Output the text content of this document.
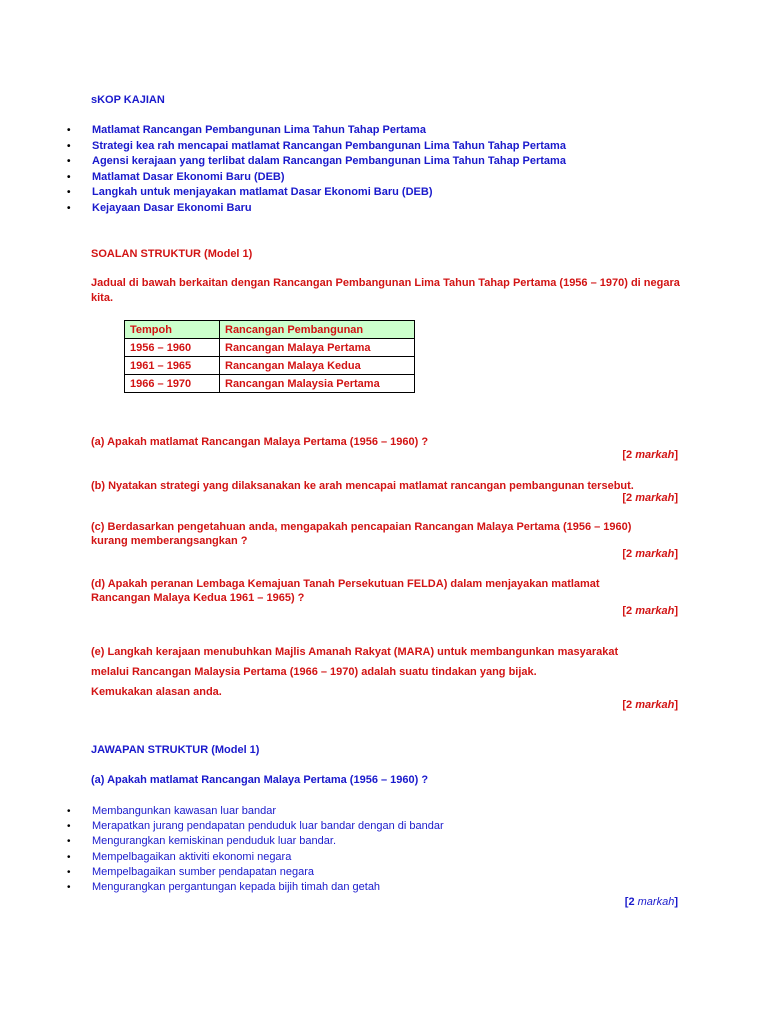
sKOP KAJIAN
• Matlamat Rancangan Pembangunan Lima Tahun Tahap Pertama
• Strategi kea rah mencapai matlamat Rancangan Pembangunan Lima Tahun Tahap Pertama
• Agensi kerajaan yang terlibat dalam Rancangan Pembangunan Lima Tahun Tahap Pertama
• Matlamat Dasar Ekonomi Baru (DEB)
• Langkah untuk menjayakan matlamat Dasar Ekonomi Baru (DEB)
• Kejayaan Dasar Ekonomi Baru
SOALAN STRUKTUR (Model 1)
Jadual di bawah berkaitan dengan Rancangan Pembangunan Lima Tahun Tahap Pertama (1956 – 1970) di negara kita.
Tempoh	Rancangan Pembangunan
1956 – 1960	Rancangan Malaya Pertama
1961 – 1965	Rancangan Malaya Kedua
1966 – 1970	Rancangan Malaysia Pertama
(a) Apakah matlamat Rancangan Malaya Pertama (1956 – 1960) ?
[2 markah]
(b) Nyatakan strategi yang dilaksanakan ke arah mencapai matlamat rancangan pembangunan tersebut.
[2 markah]
(c) Berdasarkan pengetahuan anda, mengapakah pencapaian Rancangan Malaya Pertama (1956 – 1960)
kurang memberangsangkan ?
[2 markah]
(d) Apakah peranan Lembaga Kemajuan Tanah Persekutuan FELDA) dalam menjayakan matlamat
Rancangan Malaya Kedua 1961 – 1965) ?
[2 markah]
(e) Langkah kerajaan menubuhkan Majlis Amanah Rakyat (MARA) untuk membangunkan masyarakat
melalui Rancangan Malaysia Pertama (1966 – 1970) adalah suatu tindakan yang bijak.
Kemukakan alasan anda.
[2 markah]
JAWAPAN STRUKTUR (Model 1)
(a) Apakah matlamat Rancangan Malaya Pertama (1956 – 1960) ?
• Membangunkan kawasan luar bandar
• Merapatkan jurang pendapatan penduduk luar bandar dengan di bandar
• Mengurangkan kemiskinan penduduk luar bandar.
• Mempelbagaikan aktiviti ekonomi negara
• Mempelbagaikan sumber pendapatan negara
• Mengurangkan pergantungan kepada bijih timah dan getah
[2 markah]
